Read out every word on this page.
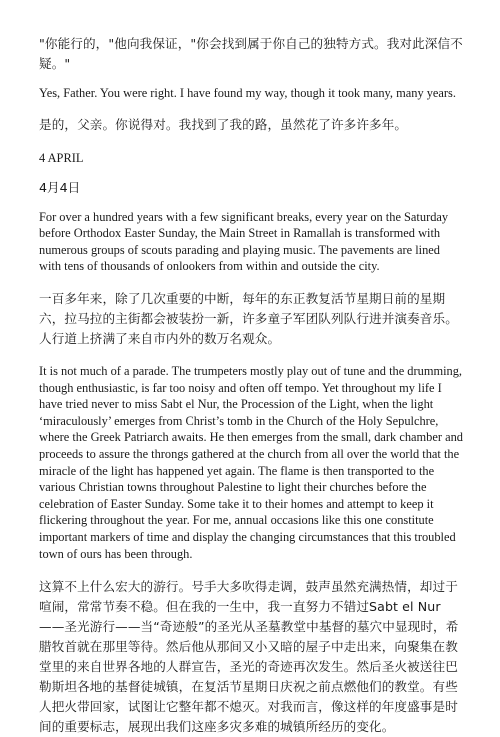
"你能行的，"他向我保证，"你会找到属于你自己的独特方式。我对此深信不疑。"

Yes, Father. You were right. I have found my way, though it took many, many years.

是的，父亲。你说得对。我找到了我的路，虽然花了许多许多年。

4 APRIL

4月4日

For over a hundred years with a few significant breaks, every year on the Saturday before Orthodox Easter Sunday, the Main Street in Ramallah is transformed with numerous groups of scouts parading and playing music. The pavements are lined with tens of thousands of onlookers from within and outside the city.

一百多年来，除了几次重要的中断，每年的东正教复活节星期日前的星期六，拉马拉的主街都会被装扮一新，许多童子军团队列队行进并演奏音乐。人行道上挤满了来自市内外的数万名观众。

It is not much of a parade. The trumpeters mostly play out of tune and the drumming, though enthusiastic, is far too noisy and often off tempo. Yet throughout my life I have tried never to miss Sabt el Nur, the Procession of the Light, when the light ‘miraculously’ emerges from Christ’s tomb in the Church of the Holy Sepulchre, where the Greek Patriarch awaits. He then emerges from the small, dark chamber and proceeds to assure the throngs gathered at the church from all over the world that the miracle of the light has happened yet again. The flame is then transported to the various Christian towns throughout Palestine to light their churches before the celebration of Easter Sunday. Some take it to their homes and attempt to keep it flickering throughout the year. For me, annual occasions like this one constitute important markers of time and display the changing circumstances that this troubled town of ours has been through.

这算不上什么宏大的游行。号手大多吹得走调，鼓声虽然充满热情，却过于喧闹，常常节奏不稳。但在我的一生中，我一直努力不错过Sabt el Nur——圣光游行——当“奇迹般”的圣光从圣墓教堂中基督的墓穴中显现时，希腊牧首就在那里等待。然后他从那间又小又暗的屋子中走出来，向聚集在教堂里的来自世界各地的人群宣告，圣光的奇迹再次发生。然后圣火被送往巴勒斯坦各地的基督徒城镇，在复活节星期日庆祝之前点燃他们的教堂。有些人把火带回家，试图让它整年都不熄灭。对我而言，像这样的年度盛事是时间的重要标志，展现出我们这座多灾多难的城镇所经历的变化。
